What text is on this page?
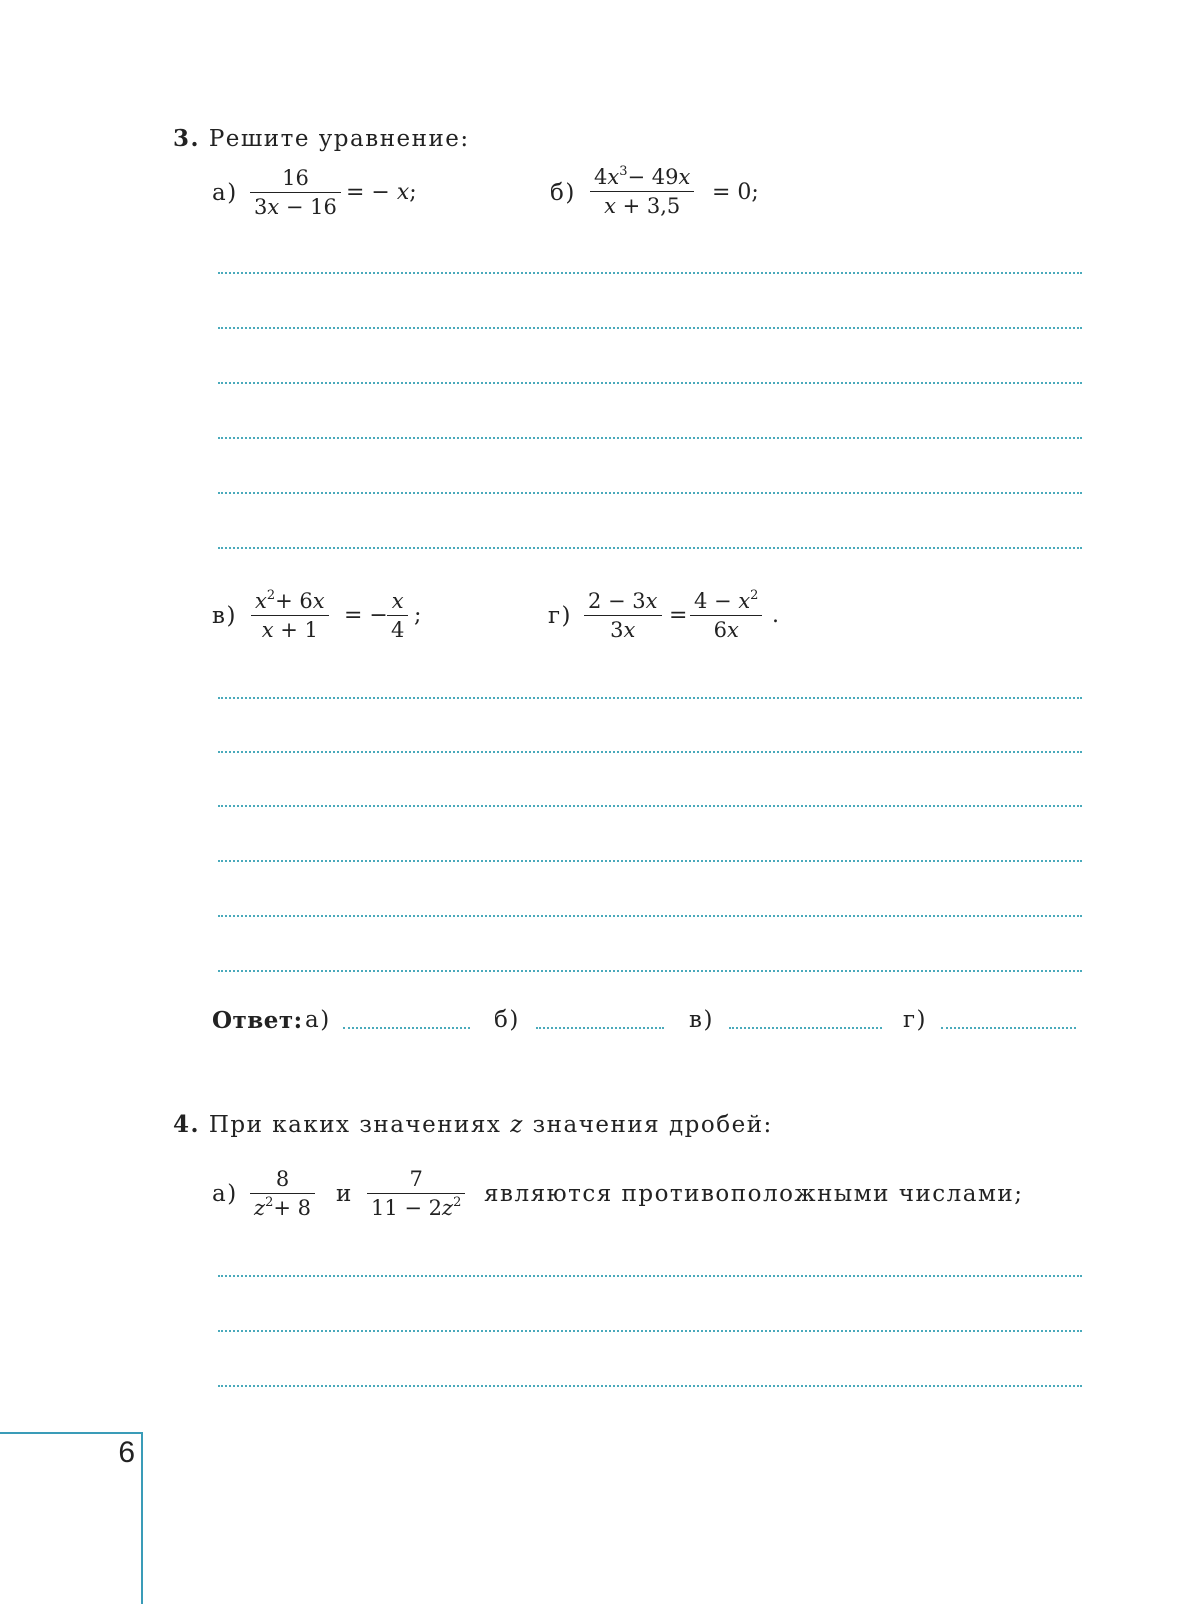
3. Решите уравнение:
$а) \frac{16}{3x - 16}$ = − x;	$б) \frac{4x^3- 49x}{x + 3,5} = 0$;
$в) \frac{x^2+ 6x}{x + 1}$ = − $\frac{x}{4}$ ;	$г) \frac{2 - 3x}{3x} = \frac{4 - x^2}{6x}$ .
Ответ: а)	б)	в)	г)
4. При каких значениях z значения дробей:
$а) \frac{8}{z^2+ 8}$ и $\frac{7}{11 - 2z^2}$ являются противоположными числами;
6
